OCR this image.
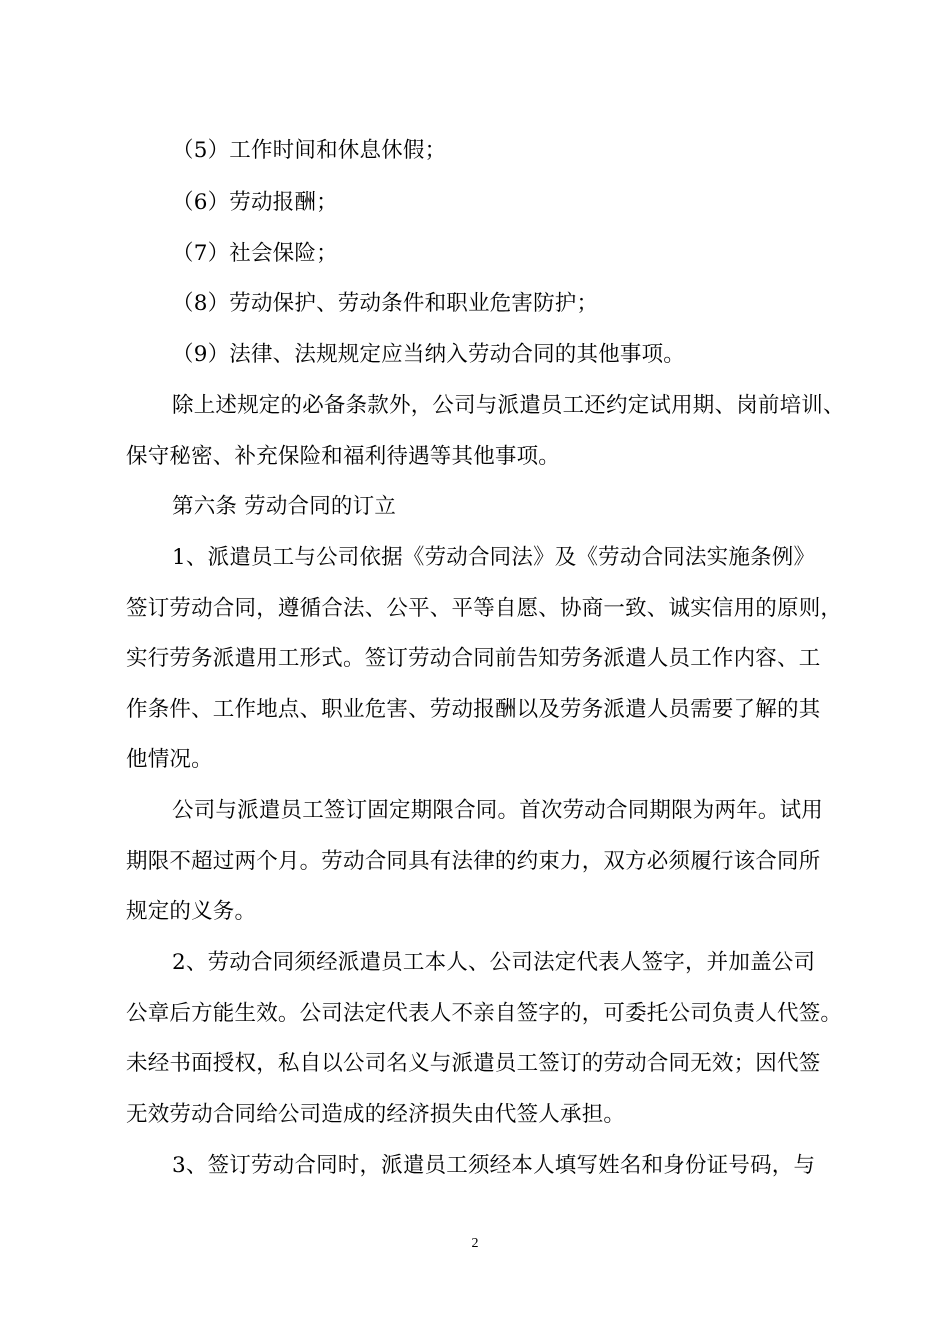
（5）工作时间和休息休假；
（6）劳动报酬；
（7）社会保险；
（8）劳动保护、劳动条件和职业危害防护；
（9）法律、法规规定应当纳入劳动合同的其他事项。
除上述规定的必备条款外，公司与派遣员工还约定试用期、岗前培训、
保守秘密、补充保险和福利待遇等其他事项。
第六条 劳动合同的订立
1、派遣员工与公司依据《劳动合同法》及《劳动合同法实施条例》
签订劳动合同，遵循合法、公平、平等自愿、协商一致、诚实信用的原则，
实行劳务派遣用工形式。签订劳动合同前告知劳务派遣人员工作内容、工
作条件、工作地点、职业危害、劳动报酬以及劳务派遣人员需要了解的其
他情况。
公司与派遣员工签订固定期限合同。首次劳动合同期限为两年。试用
期限不超过两个月。劳动合同具有法律的约束力，双方必须履行该合同所
规定的义务。
2、劳动合同须经派遣员工本人、公司法定代表人签字，并加盖公司
公章后方能生效。公司法定代表人不亲自签字的，可委托公司负责人代签。
未经书面授权，私自以公司名义与派遣员工签订的劳动合同无效；因代签
无效劳动合同给公司造成的经济损失由代签人承担。
3、签订劳动合同时，派遣员工须经本人填写姓名和身份证号码，与
2
